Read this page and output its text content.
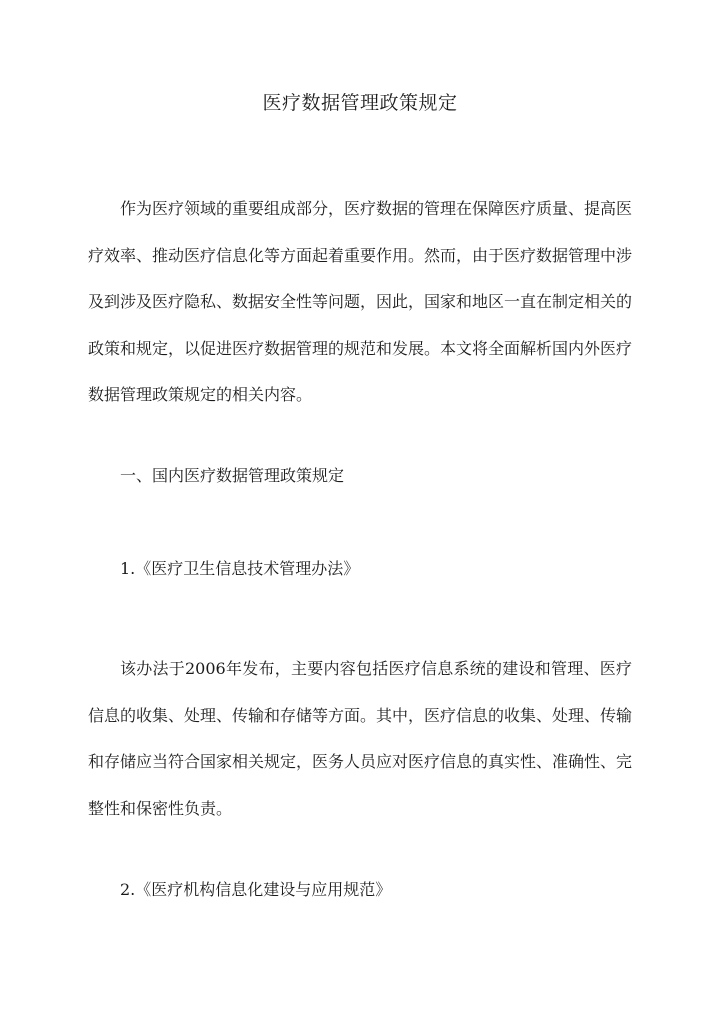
医疗数据管理政策规定

作为医疗领域的重要组成部分，医疗数据的管理在保障医疗质量、提高医疗效率、推动医疗信息化等方面起着重要作用。然而，由于医疗数据管理中涉及到涉及医疗隐私、数据安全性等问题，因此，国家和地区一直在制定相关的政策和规定，以促进医疗数据管理的规范和发展。本文将全面解析国内外医疗数据管理政策规定的相关内容。

一、国内医疗数据管理政策规定
1.《医疗卫生信息技术管理办法》

该办法于2006年发布，主要内容包括医疗信息系统的建设和管理、医疗信息的收集、处理、传输和存储等方面。其中，医疗信息的收集、处理、传输和存储应当符合国家相关规定，医务人员应对医疗信息的真实性、准确性、完整性和保密性负责。

2.《医疗机构信息化建设与应用规范》
